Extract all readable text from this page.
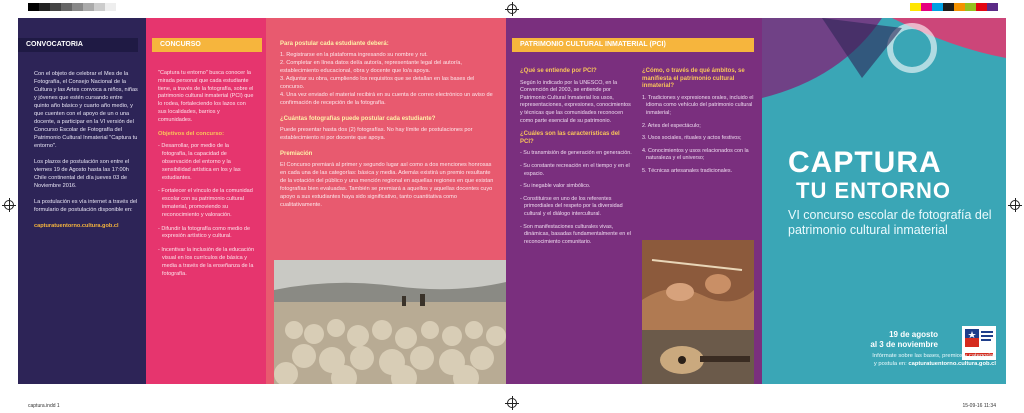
CONVOCATORIA

Con el objeto de celebrar el Mes de la Fotografía, el Consejo Nacional de la Cultura y las Artes convoca a niños, niñas y jóvenes que estén cursando entre quinto año básico y cuarto año medio, y que cuenten con el apoyo de un o una docente, a participar en la VI versión del Concurso Escolar de Fotografía del Patrimonio Cultural Inmaterial "Captura tu entorno".

Los plazos de postulación son entre el viernes 19 de Agosto hasta las 17:00h Chile continental del día jueves 03 de Noviembre 2016.

La postulación es vía internet a través del formulario de postulación disponible en:

capturatuentorno.cultura.gob.cl

CONCURSO

"Captura tu entorno" busca conocer la mirada personal que cada estudiante tiene, a través de la fotografía, sobre el patrimonio cultural inmaterial (PCI) que lo rodea, fortaleciendo los lazos con sus localidades, barrios y comunidades.

Objetivos del concurso:
- Desarrollar, por medio de la fotografía, la capacidad de observación del entorno y la sensibilidad artística en los y las estudiantes.
- Fortalecer el vínculo de la comunidad escolar con su patrimonio cultural inmaterial, promoviendo su reconocimiento y valoración.
- Difundir la fotografía como medio de expresión artístico y cultural.
- Incentivar la inclusión de la educación visual en los currículos de básica y media a través de la enseñanza de la fotografía.
Para postular cada estudiante deberá:
1. Registrarse en la plataforma ingresando su nombre y rut.
2. Completar en línea datos del/a autor/a, representante legal del autor/a, establecimiento educacional, obra y docente que lo/a apoya.
3. Adjuntar su obra, cumpliendo los requisitos que se detallan en las bases del concurso.
4. Una vez enviado el material recibirá en su cuenta de correo electrónico un aviso de confirmación de recepción de la fotografía.
¿Cuántas fotografías puede postular cada estudiante?

Puede presentar hasta dos (2) fotografías. No hay límite de postulaciones por establecimiento ni por docente que apoya.

Premiación

El Concurso premiará al primer y segundo lugar así como a dos menciones honrosas en cada una de las categorías: básica y media. Además existirá un premio resultante de la votación del público y una mención regional en aquellas regiones en que existan fotografías bien evaluadas. También se premiará a aquellos y aquellas docentes cuyo apoyo a sus estudiantes haya sido significativo, tanto cuantitativa como cualitativamente.

PATRIMONIO CULTURAL INMATERIAL (PCI)
¿Qué se entiende por PCI?

Según lo indicado por la UNESCO, en la Convención del 2003, se entiende por Patrimonio Cultural Inmaterial los usos, representaciones, expresiones, conocimientos y técnicas que las comunidades reconocen como parte esencial de su patrimonio.

¿Cuáles son las características del PCI?
- Su transmisión de generación en generación.
- Su constante recreación en el tiempo y en el espacio.
- Su inegable valor simbólico.
- Constituirse en uno de los referentes primordiales del respeto por la diversidad cultural y el diálogo intercultural.
- Son manifestaciones culturales vivas, dinámicas, basadas fundamentalmente en el reconocimiento comunitario.
¿Cómo, o través de qué ámbitos, se manifiesta el patrimonio cultural inmaterial?
1. Tradiciones y expresiones orales, incluido el idioma como vehículo del patrimonio cultural inmaterial;
2. Artes del espectáculo;
3. Usos sociales, rituales y actos festivos;
4. Conocimientos y usos relacionados con la naturaleza y el universo;
5. Técnicas artesanales tradicionales.	CAPTURA
TU ENTORNO
VI concurso escolar de fotografía del patrimonio cultural inmaterial
19 de agosto
al 3 de noviembre
Infórmate sobre las bases, premios y categorías
y postula en: capturatuentorno.cultura.gob.cl
captura.indd 1	15-09-16 11:34
